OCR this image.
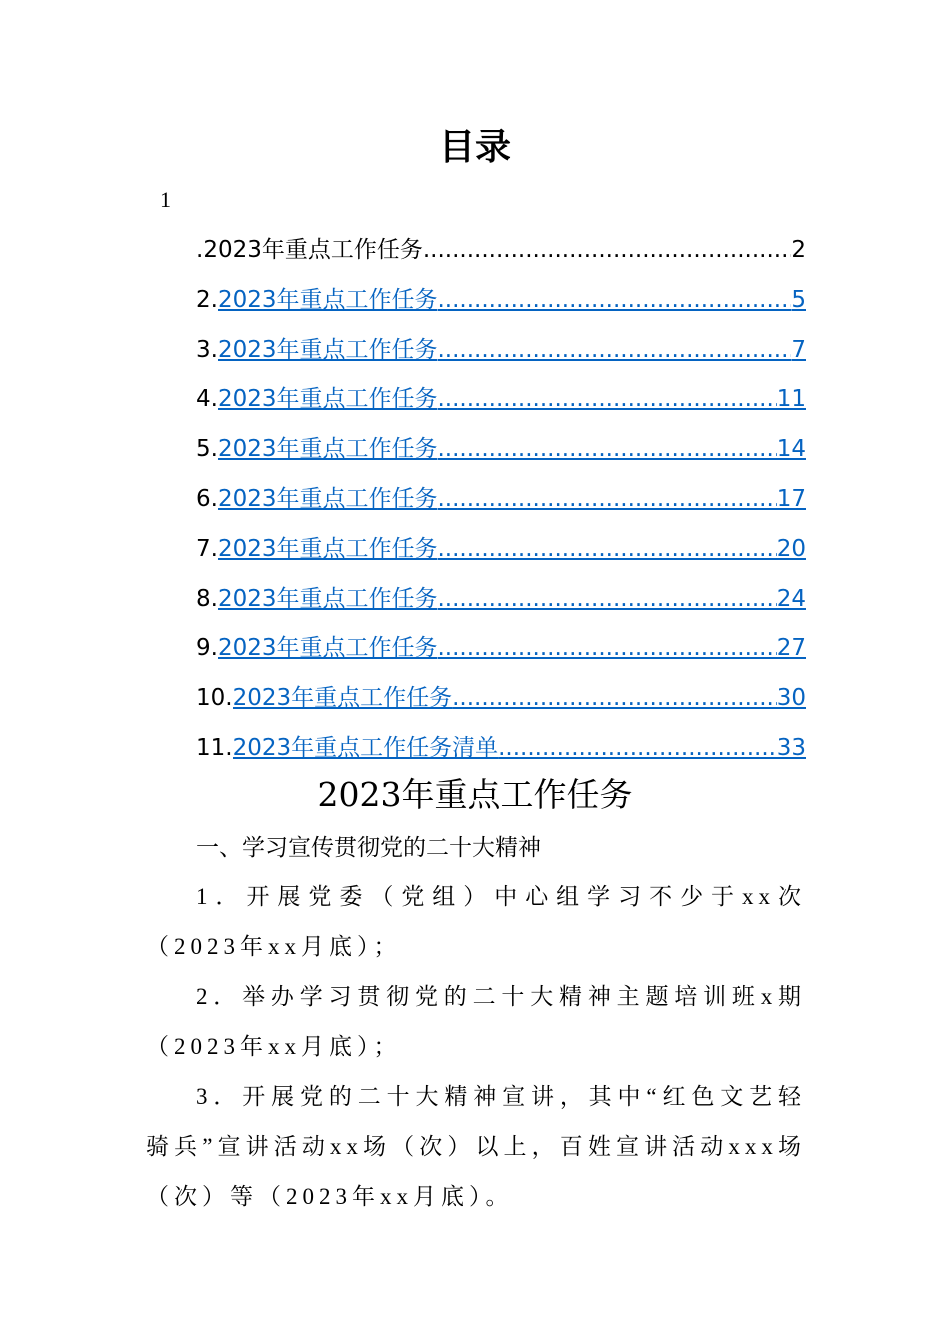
目录
1
. 2023年重点工作任务 .....	2
2. 2023年重点工作任务 .....	5
3. 2023年重点工作任务 .....	7
4. 2023年重点工作任务 .....	11
5. 2023年重点工作任务 .....	14
6. 2023年重点工作任务 .....	17
7. 2023年重点工作任务 .....	20
8. 2023年重点工作任务 .....	24
9. 2023年重点工作任务 .....	27
10. 2023年重点工作任务 .....	30
11. 2023年重点工作任务清单 .....	33
2023年重点工作任务
一、学习宣传贯彻党的二十大精神
1．开展党委（党组）中心组学习不少于xx次（2023年xx月底）；
2．举办学习贯彻党的二十大精神主题培训班x期（2023年xx月底）；
3．开展党的二十大精神宣讲，其中“红色文艺轻骑兵”宣讲活动xx场（次）以上，百姓宣讲活动xxx场（次）等（2023年xx月底）。
